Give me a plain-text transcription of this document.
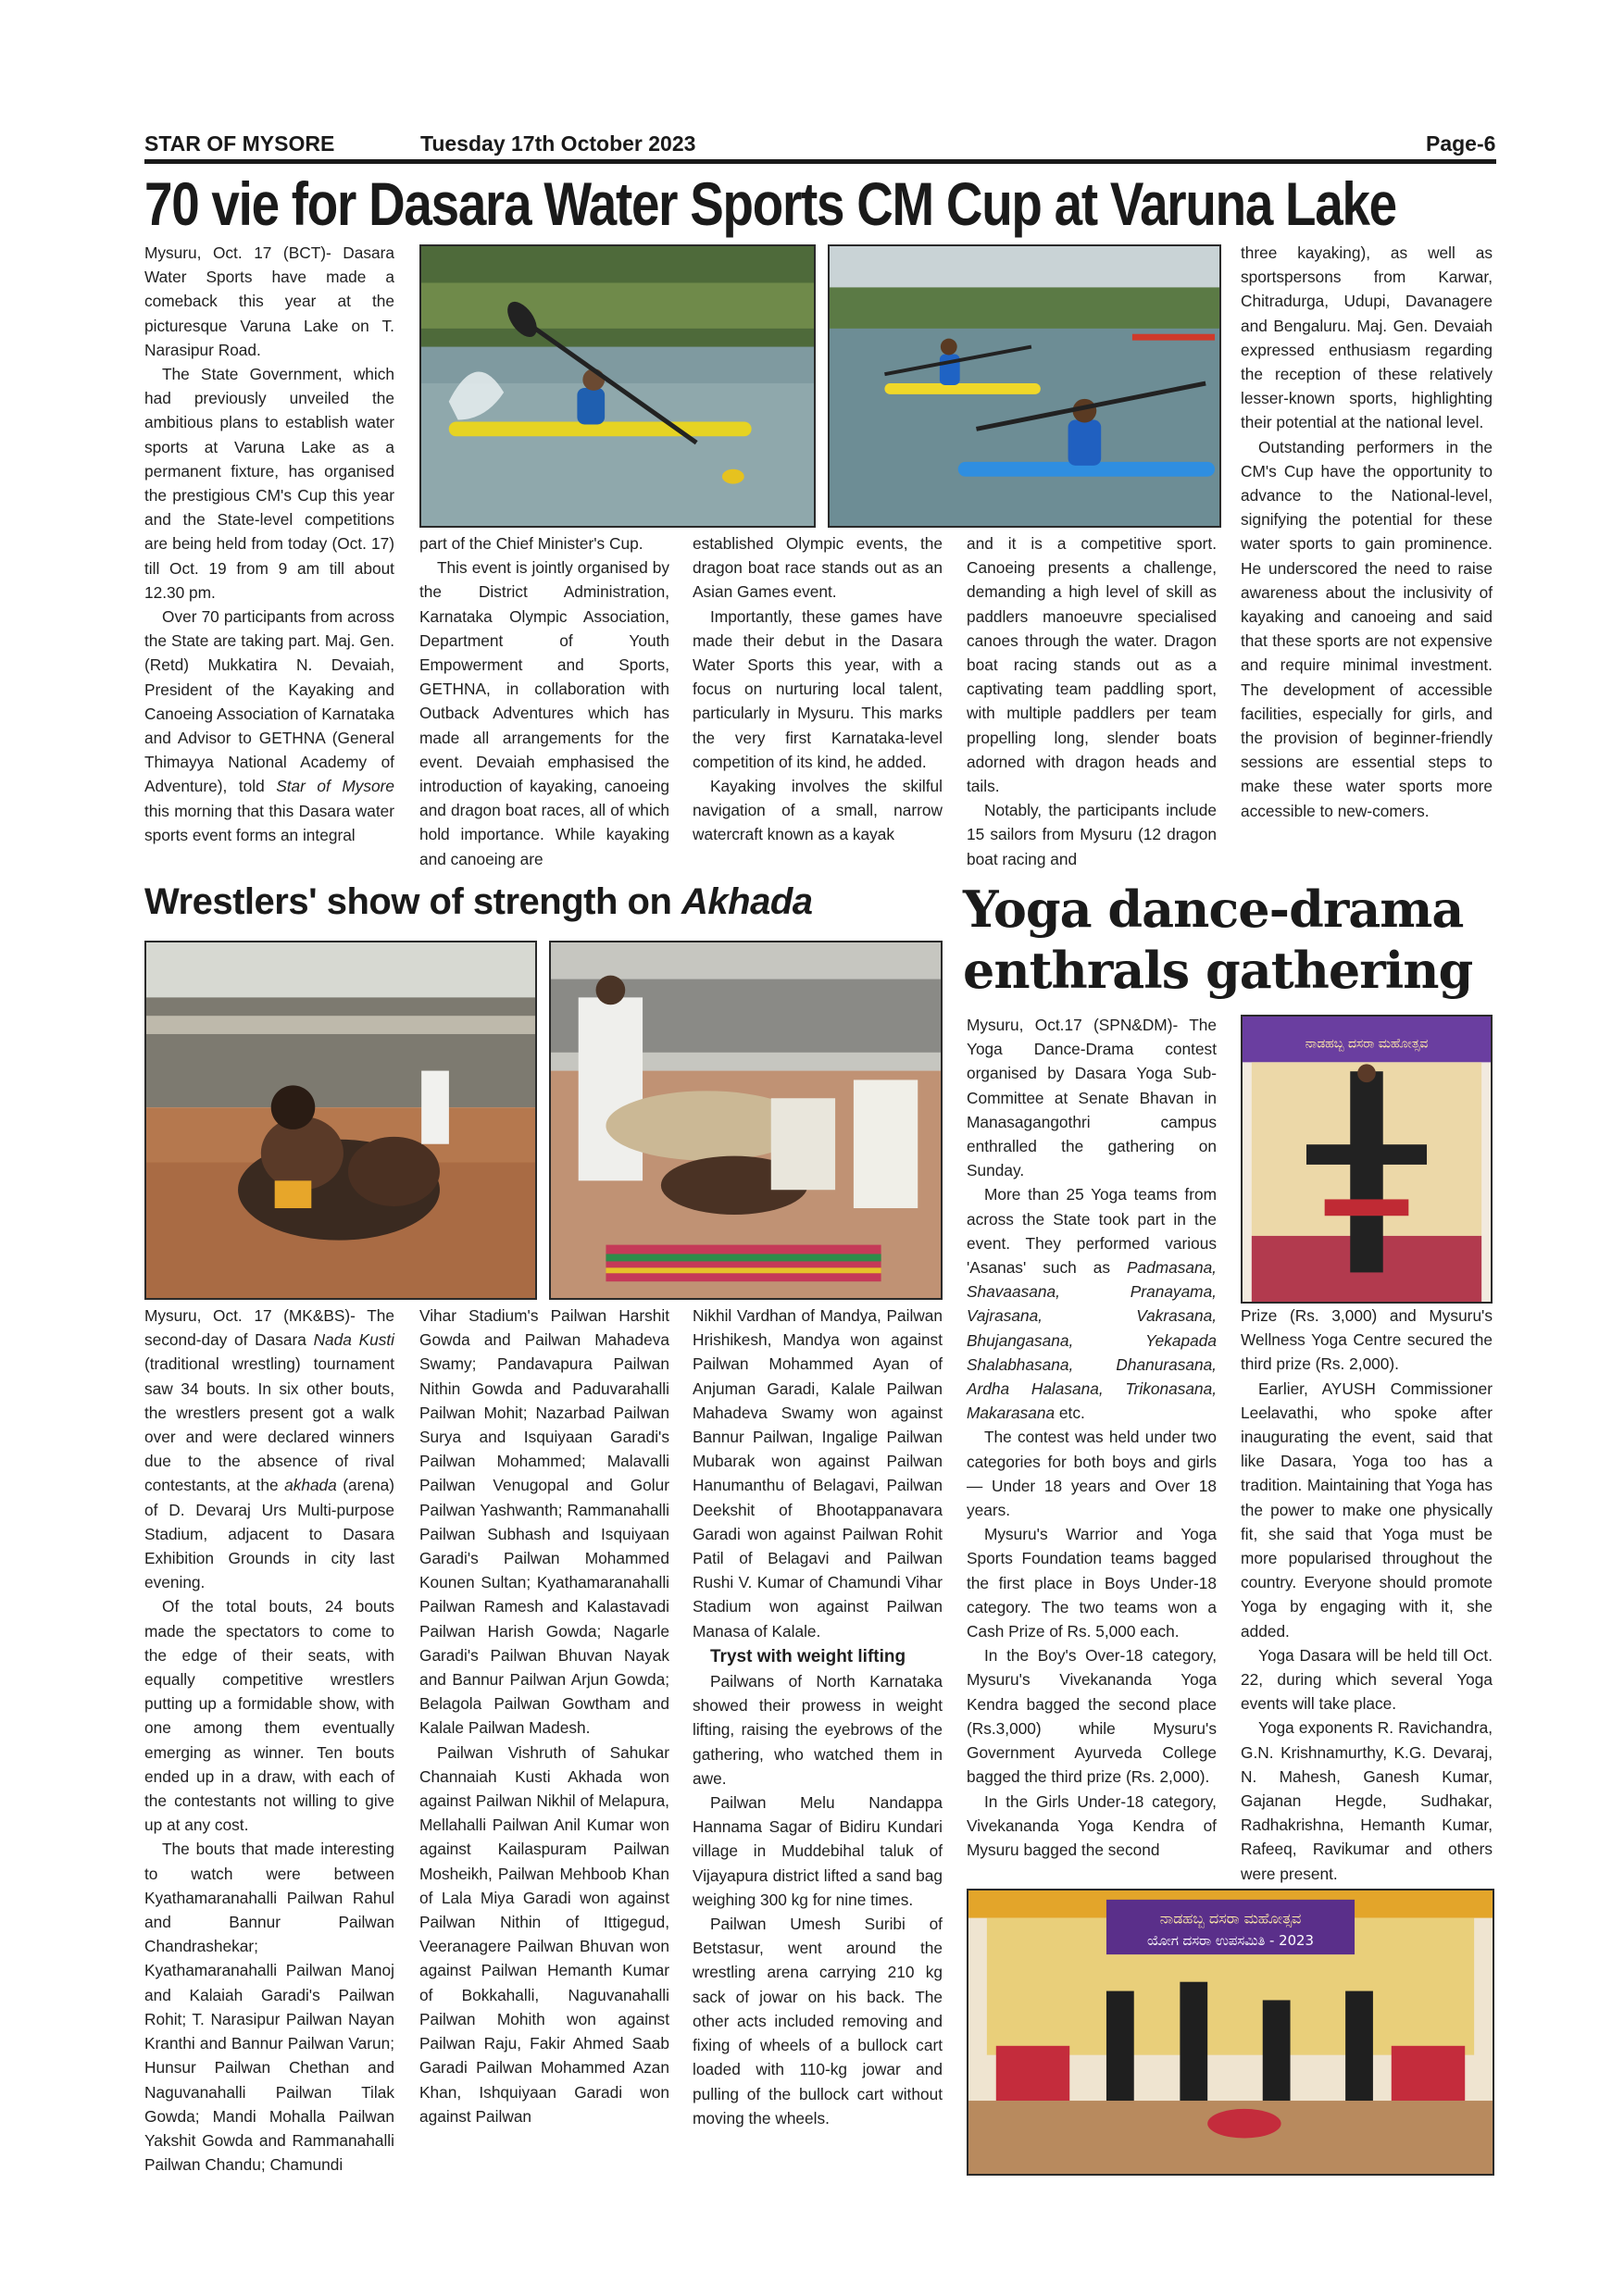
STAR OF MYSORE	Tuesday 17th October 2023	Page-6
70 vie for Dasara Water Sports CM Cup at Varuna Lake

Mysuru, Oct. 17 (BCT)- Dasara Water Sports have made a comeback this year at the picturesque Varuna Lake on T. Narasipur Road.

The State Government, which had previously unveiled the ambitious plans to establish water sports at Varuna Lake as a permanent fixture, has organised the prestigious CM's Cup this year and the State-level competitions are being held from today (Oct. 17) till Oct. 19 from 9 am till about 12.30 pm.

Over 70 participants from across the State are taking part. Maj. Gen. (Retd) Mukkatira N. Devaiah, President of the Kayaking and Canoeing Association of Karnataka and Advisor to GETHNA (General Thimayya National Academy of Adventure), told Star of Mysore this morning that this Dasara water sports event forms an integral

part of the Chief Minister's Cup.

This event is jointly organised by the District Administration, Karnataka Olympic Association, Department of Youth Empowerment and Sports, GETHNA, in collaboration with Outback Adventures which has made all arrangements for the event. Devaiah emphasised the introduction of kayaking, canoeing and dragon boat races, all of which hold importance. While kayaking and canoeing are

established Olympic events, the dragon boat race stands out as an Asian Games event.

Importantly, these games have made their debut in the Dasara Water Sports this year, with a focus on nurturing local talent, particularly in Mysuru. This marks the very first Karnataka-level competition of its kind, he added.

Kayaking involves the skilful navigation of a small, narrow watercraft known as a kayak

and it is a competitive sport. Canoeing presents a challenge, demanding a high level of skill as paddlers manoeuvre specialised canoes through the water. Dragon boat racing stands out as a captivating team paddling sport, with multiple paddlers per team propelling long, slender boats adorned with dragon heads and tails.

Notably, the participants include 15 sailors from Mysuru (12 dragon boat racing and

three kayaking), as well as sportspersons from Karwar, Chitradurga, Udupi, Davanagere and Bengaluru. Maj. Gen. Devaiah expressed enthusiasm regarding the reception of these relatively lesser-known sports, highlighting their potential at the national level.

Outstanding performers in the CM's Cup have the opportunity to advance to the National-level, signifying the potential for these water sports to gain prominence. He underscored the need to raise awareness about the inclusivity of kayaking and canoeing and said that these sports are not expensive and require minimal investment. The development of accessible facilities, especially for girls, and the provision of beginner-friendly sessions are essential steps to make these water sports more accessible to new-comers.

Wrestlers' show of strength on Akhada

Mysuru, Oct. 17 (MK&BS)- The second-day of Dasara Nada Kusti (traditional wrestling) tournament saw 34 bouts. In six other bouts, the wrestlers present got a walk over and were declared winners due to the absence of rival contestants, at the akhada (arena) of D. Devaraj Urs Multi-purpose Stadium, adjacent to Dasara Exhibition Grounds in city last evening.

Of the total bouts, 24 bouts made the spectators to come to the edge of their seats, with equally competitive wrestlers putting up a formidable show, with one among them eventually emerging as winner. Ten bouts ended up in a draw, with each of the contestants not willing to give up at any cost.

The bouts that made interesting to watch were between Kyathamaranahalli Pailwan Rahul and Bannur Pailwan Chandrashekar; Kyathamaranahalli Pailwan Manoj and Kalaiah Garadi's Pailwan Rohit; T. Narasipur Pailwan Nayan Kranthi and Bannur Pailwan Varun; Hunsur Pailwan Chethan and Naguvanahalli Pailwan Tilak Gowda; Mandi Mohalla Pailwan Yakshit Gowda and Rammanahalli Pailwan Chandu; Chamundi

Vihar Stadium's Pailwan Harshit Gowda and Pailwan Mahadeva Swamy; Pandavapura Pailwan Nithin Gowda and Paduvarahalli Pailwan Mohit; Nazarbad Pailwan Surya and Isquiyaan Garadi's Pailwan Mohammed; Malavalli Pailwan Venugopal and Golur Pailwan Yashwanth; Rammanahalli Pailwan Subhash and Isquiyaan Garadi's Pailwan Mohammed Kounen Sultan; Kyathamaranahalli Pailwan Ramesh and Kalastavadi Pailwan Harish Gowda; Nagarle Garadi's Pailwan Bhuvan Nayak and Bannur Pailwan Arjun Gowda; Belagola Pailwan Gowtham and Kalale Pailwan Madesh.

Pailwan Vishruth of Sahukar Channaiah Kusti Akhada won against Pailwan Nikhil of Melapura, Mellahalli Pailwan Anil Kumar won against Kailaspuram Pailwan Mosheikh, Pailwan Mehboob Khan of Lala Miya Garadi won against Pailwan Nithin of Ittigegud, Veeranagere Pailwan Bhuvan won against Pailwan Hemanth Kumar of Bokkahalli, Naguvanahalli Pailwan Mohith won against Pailwan Raju, Fakir Ahmed Saab Garadi Pailwan Mohammed Azan Khan, Ishquiyaan Garadi won against Pailwan

Nikhil Vardhan of Mandya, Pailwan Hrishikesh, Mandya won against Pailwan Mohammed Ayan of Anjuman Garadi, Kalale Pailwan Mahadeva Swamy won against Bannur Pailwan, Ingalige Pailwan Mubarak won against Pailwan Hanumanthu of Belagavi, Pailwan Deekshit of Bhootappanavara Garadi won against Pailwan Rohit Patil of Belagavi and Pailwan Rushi V. Kumar of Chamundi Vihar Stadium won against Pailwan Manasa of Kalale.

Tryst with weight lifting

Pailwans of North Karnataka showed their prowess in weight lifting, raising the eyebrows of the gathering, who watched them in awe.

Pailwan Melu Nandappa Hannama Sagar of Bidiru Kundari village in Muddebihal taluk of Vijayapura district lifted a sand bag weighing 300 kg for nine times.

Pailwan Umesh Suribi of Betstasur, went around the wrestling arena carrying 210 kg sack of jowar on his back. The other acts included removing and fixing of wheels of a bullock cart loaded with 110-kg jowar and pulling of the bullock cart without moving the wheels.

Yoga dance-drama
enthrals gathering

Mysuru, Oct.17 (SPN&DM)- The Yoga Dance-Drama contest organised by Dasara Yoga Sub-Committee at Senate Bhavan in Manasagangothri campus enthralled the gathering on Sunday.

More than 25 Yoga teams from across the State took part in the event. They performed various 'Asanas' such as Padmasana, Shavaasana, Pranayama, Vajrasana, Vakrasana, Bhujangasana, Yekapada Shalabhasana, Dhanurasana, Ardha Halasana, Trikonasana, Makarasana etc.

The contest was held under two categories for both boys and girls — Under 18 years and Over 18 years.

Mysuru's Warrior and Yoga Sports Foundation teams bagged the first place in Boys Under-18 category. The two teams won a Cash Prize of Rs. 5,000 each.

In the Boy's Over-18 category, Mysuru's Vivekananda Yoga Kendra bagged the second place (Rs.3,000) while Mysuru's Government Ayurveda College bagged the third prize (Rs. 2,000).

In the Girls Under-18 category, Vivekananda Yoga Kendra of Mysuru bagged the second

ನಾಡಹಬ್ಬ ದಸರಾ ಮಹೋತ್ಸವ

Prize (Rs. 3,000) and Mysuru's Wellness Yoga Centre secured the third prize (Rs. 2,000).

Earlier, AYUSH Commissioner Leelavathi, who spoke after inaugurating the event, said that like Dasara, Yoga too has a tradition. Maintaining that Yoga has the power to make one physically fit, she said that Yoga must be more popularised throughout the country. Everyone should promote Yoga by engaging with it, she added.

Yoga Dasara will be held till Oct. 22, during which several Yoga events will take place.

Yoga exponents R. Ravichandra, G.N. Krishnamurthy, K.G. Devaraj, N. Mahesh, Ganesh Kumar, Gajanan Hegde, Sudhakar, Radhakrishna, Hemanth Kumar, Rafeeq, Ravikumar and others were present.

ನಾಡಹಬ್ಬ ದಸರಾ ಮಹೋತ್ಸವ
ಯೋಗ ದಸರಾ ಉಪಸಮಿತಿ - 2023
